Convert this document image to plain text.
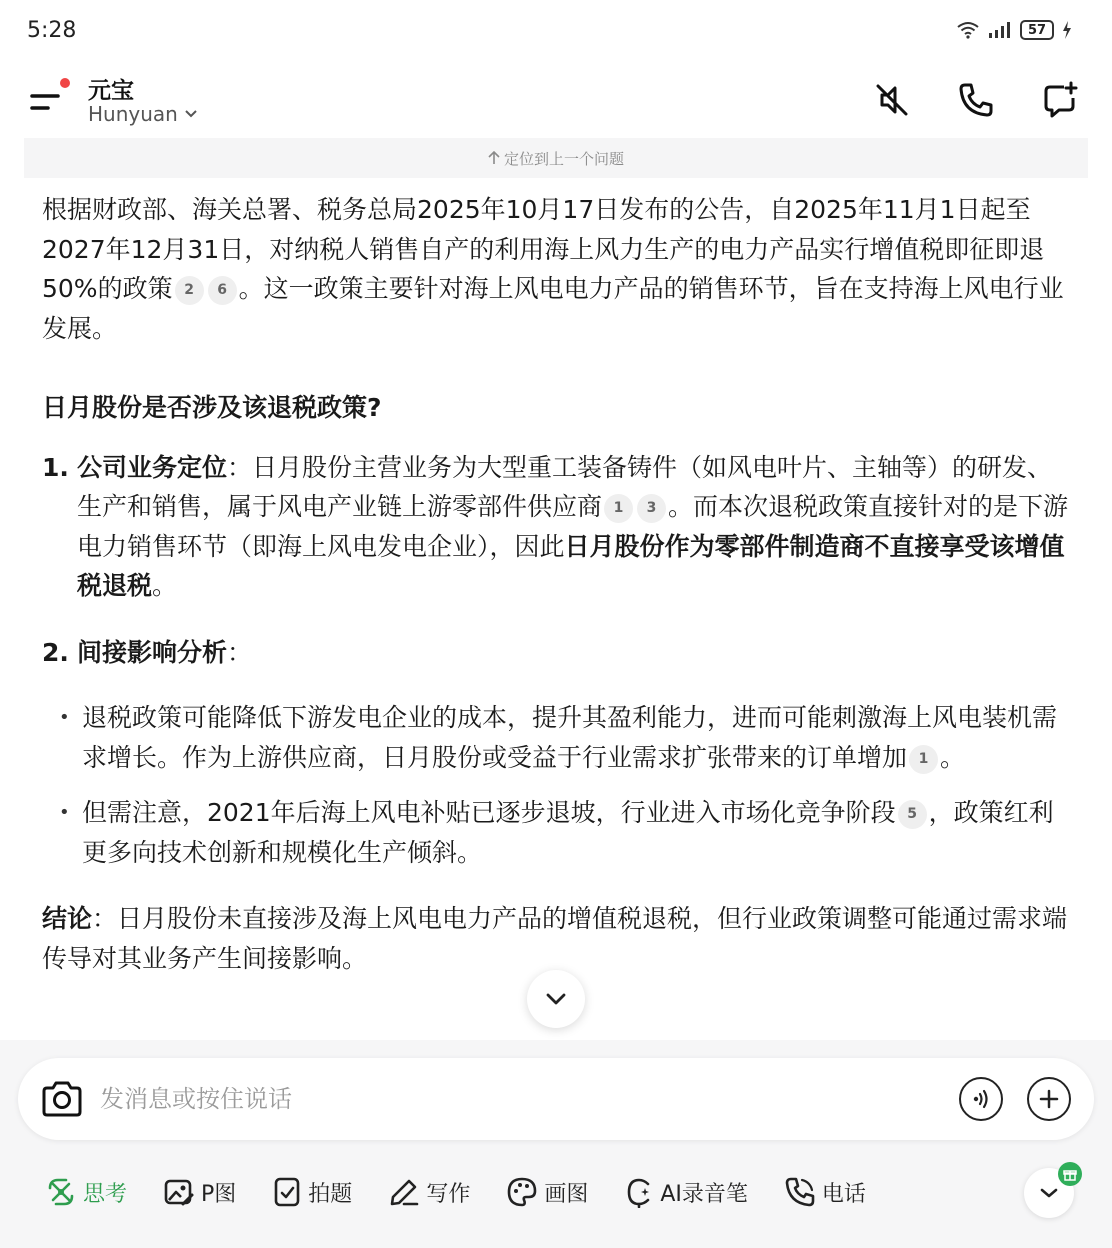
5:28	57
元宝
Hunyuan
定位到上一个问题

根据财政部、海关总署、税务总局2025年10月17日发布的公告，自2025年11月1日起至2027年12月31日，对纳税人销售自产的利用海上风力生产的电力产品实行增值税即征即退50%的政策 2 6 。这一政策主要针对海上风电电力产品的销售环节，旨在支持海上风电行业发展。

日月股份是否涉及该退税政策?

1. 公司业务定位：日月股份主营业务为大型重工装备铸件（如风电叶片、主轴等）的研发、生产和销售，属于风电产业链上游零部件供应商 1 3 。而本次退税政策直接针对的是下游电力销售环节（即海上风电发电企业），因此日月股份作为零部件制造商不直接享受该增值税退税。
2. 间接影响分析：
• 退税政策可能降低下游发电企业的成本，提升其盈利能力，进而可能刺激海上风电装机需求增长。作为上游供应商，日月股份或受益于行业需求扩张带来的订单增加 1 。
• 但需注意，2021年后海上风电补贴已逐步退坡，行业进入市场化竞争阶段 5 ，政策红利更多向技术创新和规模化生产倾斜。

结论：日月股份未直接涉及海上风电电力产品的增值税退税，但行业政策调整可能通过需求端传导对其业务产生间接影响。

发消息或按住说话
思考	P图	拍题	写作	画图	AI录音笔	电话
